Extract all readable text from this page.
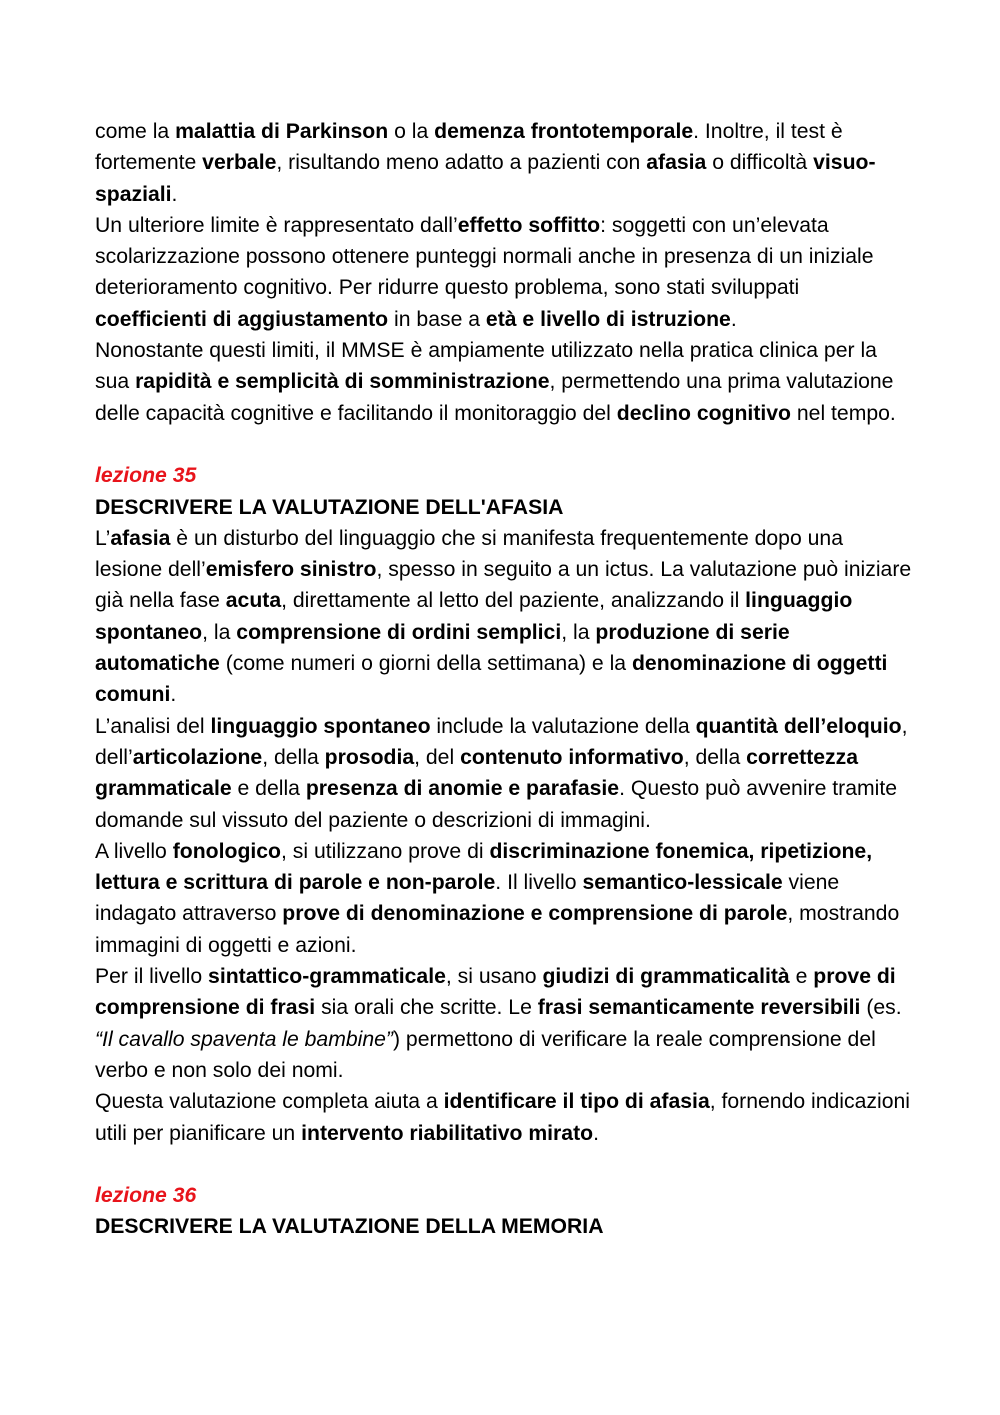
come la malattia di Parkinson o la demenza frontotemporale. Inoltre, il test è fortemente verbale, risultando meno adatto a pazienti con afasia o difficoltà visuo-spaziali.

Un ulteriore limite è rappresentato dall’effetto soffitto: soggetti con un’elevata scolarizzazione possono ottenere punteggi normali anche in presenza di un iniziale deterioramento cognitivo. Per ridurre questo problema, sono stati sviluppati coefficienti di aggiustamento in base a età e livello di istruzione.

Nonostante questi limiti, il MMSE è ampiamente utilizzato nella pratica clinica per la sua rapidità e semplicità di somministrazione, permettendo una prima valutazione delle capacità cognitive e facilitando il monitoraggio del declino cognitivo nel tempo.

lezione 35

DESCRIVERE LA VALUTAZIONE DELL'AFASIA

L’afasia è un disturbo del linguaggio che si manifesta frequentemente dopo una lesione dell’emisfero sinistro, spesso in seguito a un ictus. La valutazione può iniziare già nella fase acuta, direttamente al letto del paziente, analizzando il linguaggio spontaneo, la comprensione di ordini semplici, la produzione di serie automatiche (come numeri o giorni della settimana) e la denominazione di oggetti comuni.

L’analisi del linguaggio spontaneo include la valutazione della quantità dell’eloquio, dell’articolazione, della prosodia, del contenuto informativo, della correttezza grammaticale e della presenza di anomie e parafasie. Questo può avvenire tramite domande sul vissuto del paziente o descrizioni di immagini.

A livello fonologico, si utilizzano prove di discriminazione fonemica, ripetizione, lettura e scrittura di parole e non-parole. Il livello semantico-lessicale viene indagato attraverso prove di denominazione e comprensione di parole, mostrando immagini di oggetti e azioni.

Per il livello sintattico-grammaticale, si usano giudizi di grammaticalità e prove di comprensione di frasi sia orali che scritte. Le frasi semanticamente reversibili (es. “Il cavallo spaventa le bambine”) permettono di verificare la reale comprensione del verbo e non solo dei nomi.

Questa valutazione completa aiuta a identificare il tipo di afasia, fornendo indicazioni utili per pianificare un intervento riabilitativo mirato.

lezione 36

DESCRIVERE LA VALUTAZIONE DELLA MEMORIA
